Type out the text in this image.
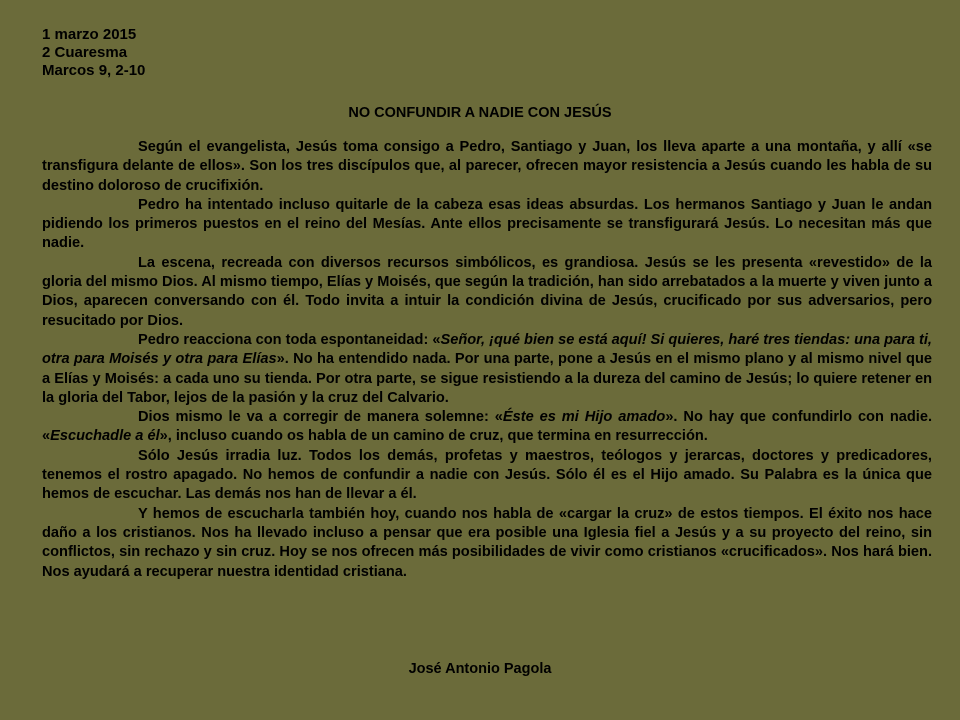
1 marzo 2015
2 Cuaresma
Marcos 9, 2-10
NO CONFUNDIR A NADIE CON JESÚS

Según el evangelista, Jesús toma consigo a Pedro, Santiago y Juan, los lleva aparte a una montaña, y allí «se transfigura delante de ellos». Son los tres discípulos que, al parecer, ofrecen mayor resistencia a Jesús cuando les habla de su destino doloroso de crucifixión.

Pedro ha intentado incluso quitarle de la cabeza esas ideas absurdas. Los hermanos Santiago y Juan le andan pidiendo los primeros puestos en el reino del Mesías. Ante ellos precisamente se transfigurará Jesús. Lo necesitan más que nadie.

La escena, recreada con diversos recursos simbólicos, es grandiosa. Jesús se les presenta «revestido» de la gloria del mismo Dios. Al mismo tiempo, Elías y Moisés, que según la tradición, han sido arrebatados a la muerte y viven junto a Dios, aparecen conversando con él. Todo invita a intuir la condición divina de Jesús, crucificado por sus adversarios, pero resucitado por Dios.

Pedro reacciona con toda espontaneidad: «Señor, ¡qué bien se está aquí! Si quieres, haré tres tiendas: una para ti, otra para Moisés y otra para Elías». No ha entendido nada. Por una parte, pone a Jesús en el mismo plano y al mismo nivel que a Elías y Moisés: a cada uno su tienda. Por otra parte, se sigue resistiendo a la dureza del camino de Jesús; lo quiere retener en la gloria del Tabor, lejos de la pasión y la cruz del Calvario.

Dios mismo le va a corregir de manera solemne: «Éste es mi Hijo amado». No hay que confundirlo con nadie. «Escuchadle a él», incluso cuando os habla de un camino de cruz, que termina en resurrección.

Sólo Jesús irradia luz. Todos los demás, profetas y maestros, teólogos y jerarcas, doctores y predicadores, tenemos el rostro apagado. No hemos de confundir a nadie con Jesús. Sólo él es el Hijo amado. Su Palabra es la única que hemos de escuchar. Las demás nos han de llevar a él.

Y hemos de escucharla también hoy, cuando nos habla de «cargar la cruz» de estos tiempos. El éxito nos hace daño a los cristianos. Nos ha llevado incluso a pensar que era posible una Iglesia fiel a Jesús y a su proyecto del reino, sin conflictos, sin rechazo y sin cruz. Hoy se nos ofrecen más posibilidades de vivir como cristianos «crucificados». Nos hará bien. Nos ayudará a recuperar nuestra identidad cristiana.

José Antonio Pagola
